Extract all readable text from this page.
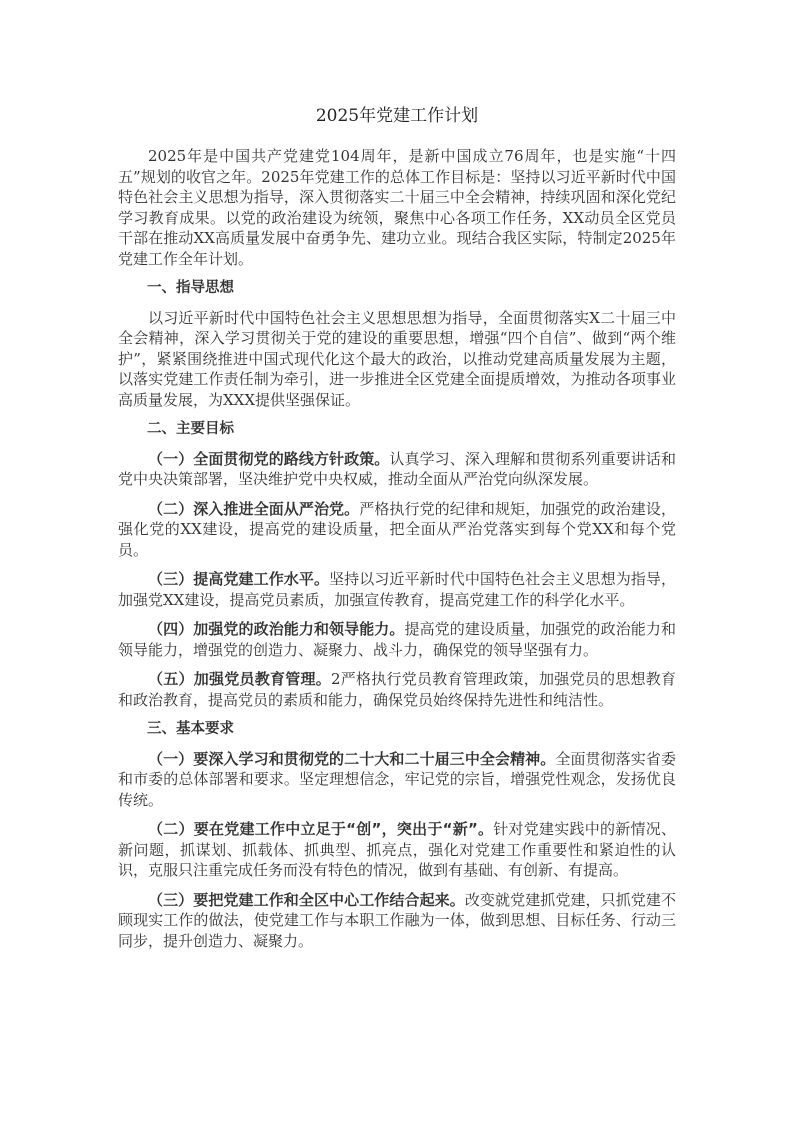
2025年党建工作计划

2025年是中国共产党建党104周年，是新中国成立76周年，也是实施“十四五”规划的收官之年。2025年党建工作的总体工作目标是：坚持以习近平新时代中国特色社会主义思想为指导，深入贯彻落实二十届三中全会精神，持续巩固和深化党纪学习教育成果。以党的政治建设为统领，聚焦中心各项工作任务，XX动员全区党员干部在推动XX高质量发展中奋勇争先、建功立业。现结合我区实际，特制定2025年党建工作全年计划。

一、指导思想

以习近平新时代中国特色社会主义思想思想为指导，全面贯彻落实X二十届三中全会精神，深入学习贯彻关于党的建设的重要思想，增强“四个自信”、做到“两个维护”，紧紧围绕推进中国式现代化这个最大的政治，以推动党建高质量发展为主题，以落实党建工作责任制为牵引，进一步推进全区党建全面提质增效，为推动各项事业高质量发展，为XXX提供坚强保证。

二、主要目标

（一）全面贯彻党的路线方针政策。认真学习、深入理解和贯彻系列重要讲话和党中央决策部署，坚决维护党中央权威，推动全面从严治党向纵深发展。

（二）深入推进全面从严治党。严格执行党的纪律和规矩，加强党的政治建设，强化党的XX建设，提高党的建设质量，把全面从严治党落实到每个党XX和每个党员。

（三）提高党建工作水平。坚持以习近平新时代中国特色社会主义思想为指导，加强党XX建设，提高党员素质，加强宣传教育，提高党建工作的科学化水平。

（四）加强党的政治能力和领导能力。提高党的建设质量，加强党的政治能力和领导能力，增强党的创造力、凝聚力、战斗力，确保党的领导坚强有力。

（五）加强党员教育管理。2严格执行党员教育管理政策，加强党员的思想教育和政治教育，提高党员的素质和能力，确保党员始终保持先进性和纯洁性。

三、基本要求

（一）要深入学习和贯彻党的二十大和二十届三中全会精神。全面贯彻落实省委和市委的总体部署和要求。坚定理想信念，牢记党的宗旨，增强党性观念，发扬优良传统。

（二）要在党建工作中立足于“创”，突出于“新”。针对党建实践中的新情况、新问题，抓谋划、抓载体、抓典型、抓亮点，强化对党建工作重要性和紧迫性的认识，克服只注重完成任务而没有特色的情况，做到有基础、有创新、有提高。

（三）要把党建工作和全区中心工作结合起来。改变就党建抓党建，只抓党建不顾现实工作的做法，使党建工作与本职工作融为一体，做到思想、目标任务、行动三同步，提升创造力、凝聚力。
